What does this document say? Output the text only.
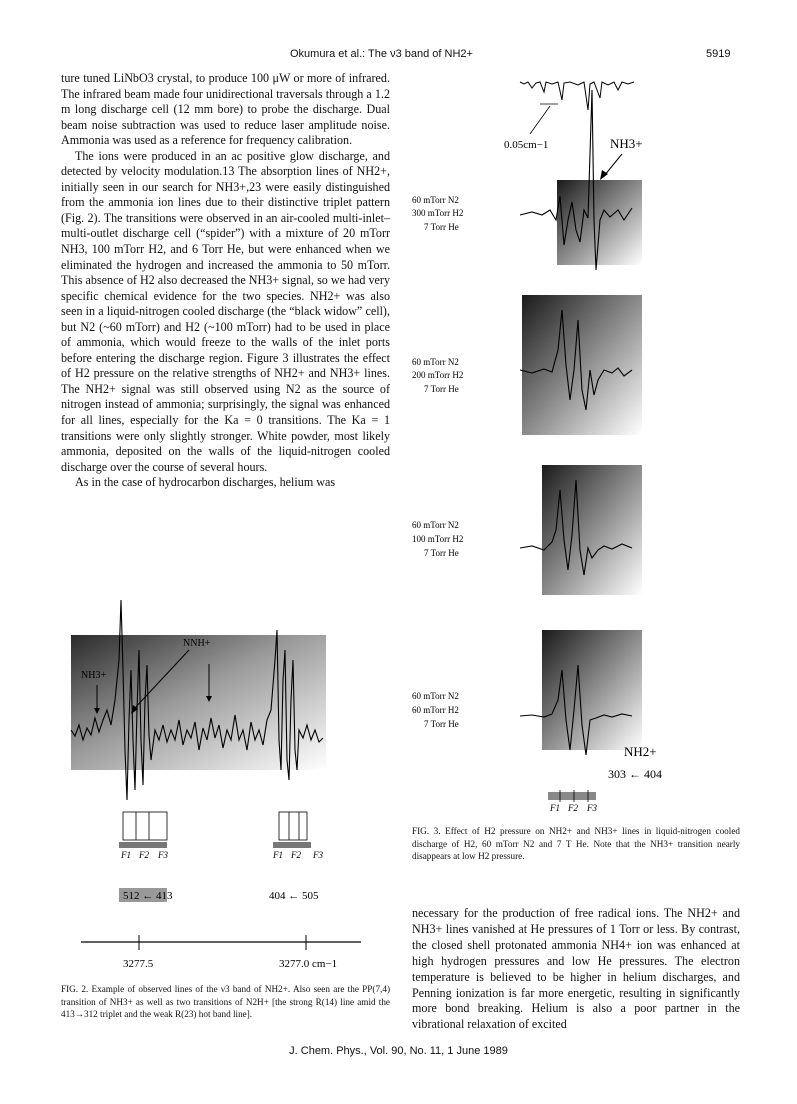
Okumura et al.: The ν3 band of NH2+	5919

ture tuned LiNbO3 crystal, to produce 100 μW or more of infrared. The infrared beam made four unidirectional traversals through a 1.2 m long discharge cell (12 mm bore) to probe the discharge. Dual beam noise subtraction was used to reduce laser amplitude noise. Ammonia was used as a reference for frequency calibration.

The ions were produced in an ac positive glow discharge, and detected by velocity modulation.13 The absorption lines of NH2+, initially seen in our search for NH3+,23 were easily distinguished from the ammonia ion lines due to their distinctive triplet pattern (Fig. 2). The transitions were observed in an air-cooled multi-inlet–multi-outlet discharge cell (“spider”) with a mixture of 20 mTorr NH3, 100 mTorr H2, and 6 Torr He, but were enhanced when we eliminated the hydrogen and increased the ammonia to 50 mTorr. This absence of H2 also decreased the NH3+ signal, so we had very specific chemical evidence for the two species. NH2+ was also seen in a liquid-nitrogen cooled discharge (the “black widow” cell), but N2 (~60 mTorr) and H2 (~100 mTorr) had to be used in place of ammonia, which would freeze to the walls of the inlet ports before entering the discharge region. Figure 3 illustrates the effect of H2 pressure on the relative strengths of NH2+ and NH3+ lines. The NH2+ signal was still observed using N2 as the source of nitrogen instead of ammonia; surprisingly, the signal was enhanced for all lines, especially for the Ka = 0 transitions. The Ka = 1 transitions were only slightly stronger. White powder, most likely ammonia, deposited on the walls of the liquid-nitrogen cooled discharge over the course of several hours.

As in the case of hydrocarbon discharges, helium was

NH3+
NNH+
F1 F2 F3	F1 F2 F3
512 ← 413	404 ← 505
3277.5	3277.0 cm−1

FIG. 2. Example of observed lines of the ν3 band of NH2+. Also seen are the PP(7,4) transition of NH3+ as well as two transitions of N2H+ [the strong R(14) line amid the 413→312 triplet and the weak R(23) hot band line].

0.05cm−1	NH3+
60 mTorr N2
300 mTorr H2
7 Torr He
60 mTorr N2
200 mTorr H2
7 Torr He
60 mTorr N2
100 mTorr H2
7 Torr He
60 mTorr N2
60 mTorr H2
7 Torr He
NH2+
303 ← 404
F1 F2 F3

FIG. 3. Effect of H2 pressure on NH2+ and NH3+ lines in liquid-nitrogen cooled discharge of H2, 60 mTorr N2 and 7 T He. Note that the NH3+ transition nearly disappears at low H2 pressure.

necessary for the production of free radical ions. The NH2+ and NH3+ lines vanished at He pressures of 1 Torr or less. By contrast, the closed shell protonated ammonia NH4+ ion was enhanced at high hydrogen pressures and low He pressures. The electron temperature is believed to be higher in helium discharges, and Penning ionization is far more energetic, resulting in significantly more bond breaking. Helium is also a poor partner in the vibrational relaxation of excited

J. Chem. Phys., Vol. 90, No. 11, 1 June 1989
